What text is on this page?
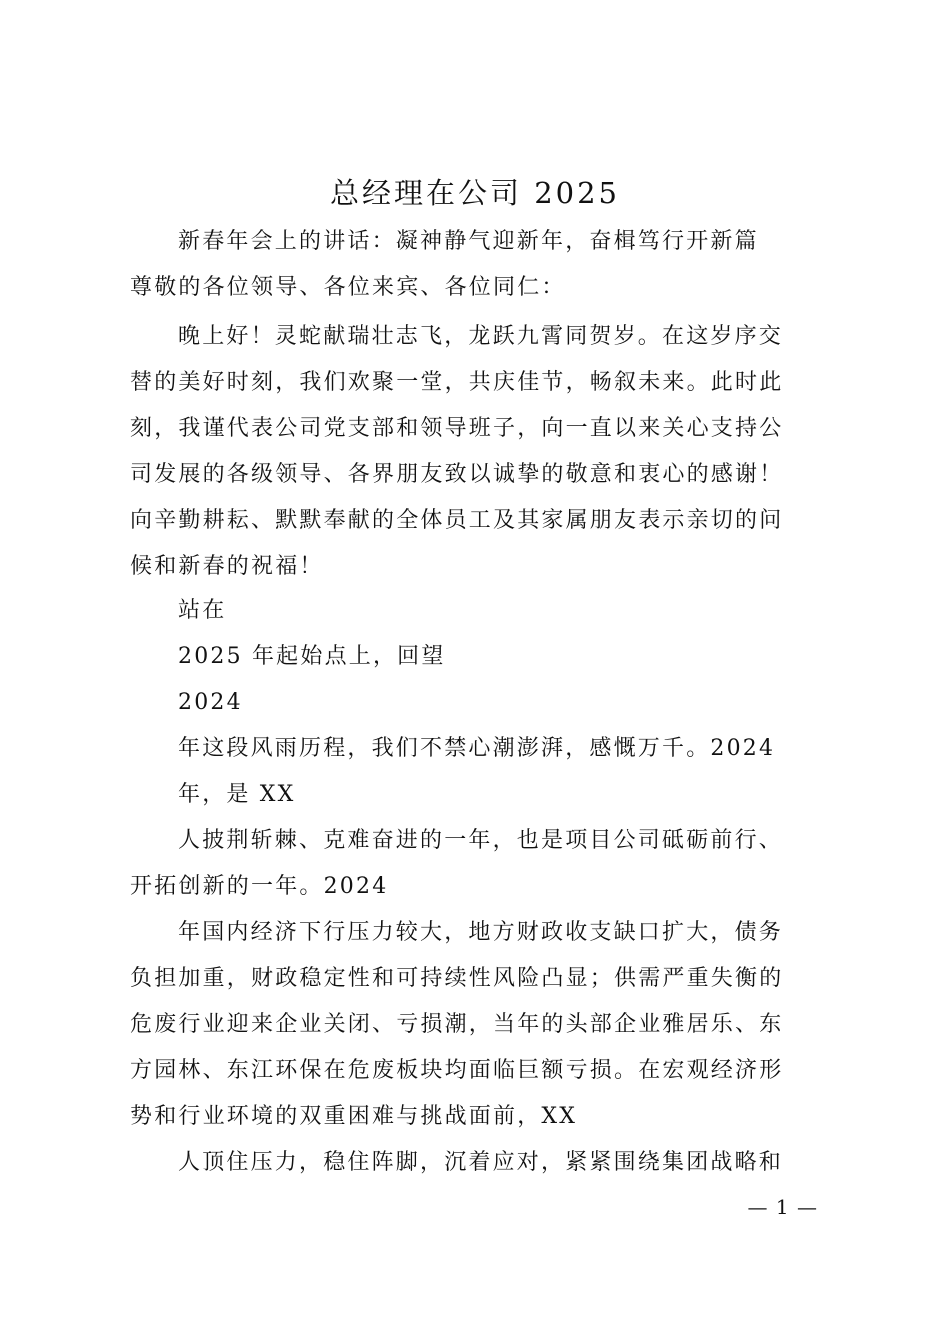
总经理在公司 2025
新春年会上的讲话：凝神静气迎新年，奋楫笃行开新篇
尊敬的各位领导、各位来宾、各位同仁：
晚上好！灵蛇献瑞壮志飞，龙跃九霄同贺岁。在这岁序交
替的美好时刻，我们欢聚一堂，共庆佳节，畅叙未来。此时此
刻，我谨代表公司党支部和领导班子，向一直以来关心支持公
司发展的各级领导、各界朋友致以诚挚的敬意和衷心的感谢！
向辛勤耕耘、默默奉献的全体员工及其家属朋友表示亲切的问
候和新春的祝福！
站在
2025 年起始点上，回望
2024
年这段风雨历程，我们不禁心潮澎湃，感慨万千。2024
年，是 XX
人披荆斩棘、克难奋进的一年，也是项目公司砥砺前行、
开拓创新的一年。2024
年国内经济下行压力较大，地方财政收支缺口扩大，债务
负担加重，财政稳定性和可持续性风险凸显；供需严重失衡的
危废行业迎来企业关闭、亏损潮，当年的头部企业雅居乐、东
方园林、东江环保在危废板块均面临巨额亏损。在宏观经济形
势和行业环境的双重困难与挑战面前，XX
人顶住压力，稳住阵脚，沉着应对，紧紧围绕集团战略和
— 1 —
